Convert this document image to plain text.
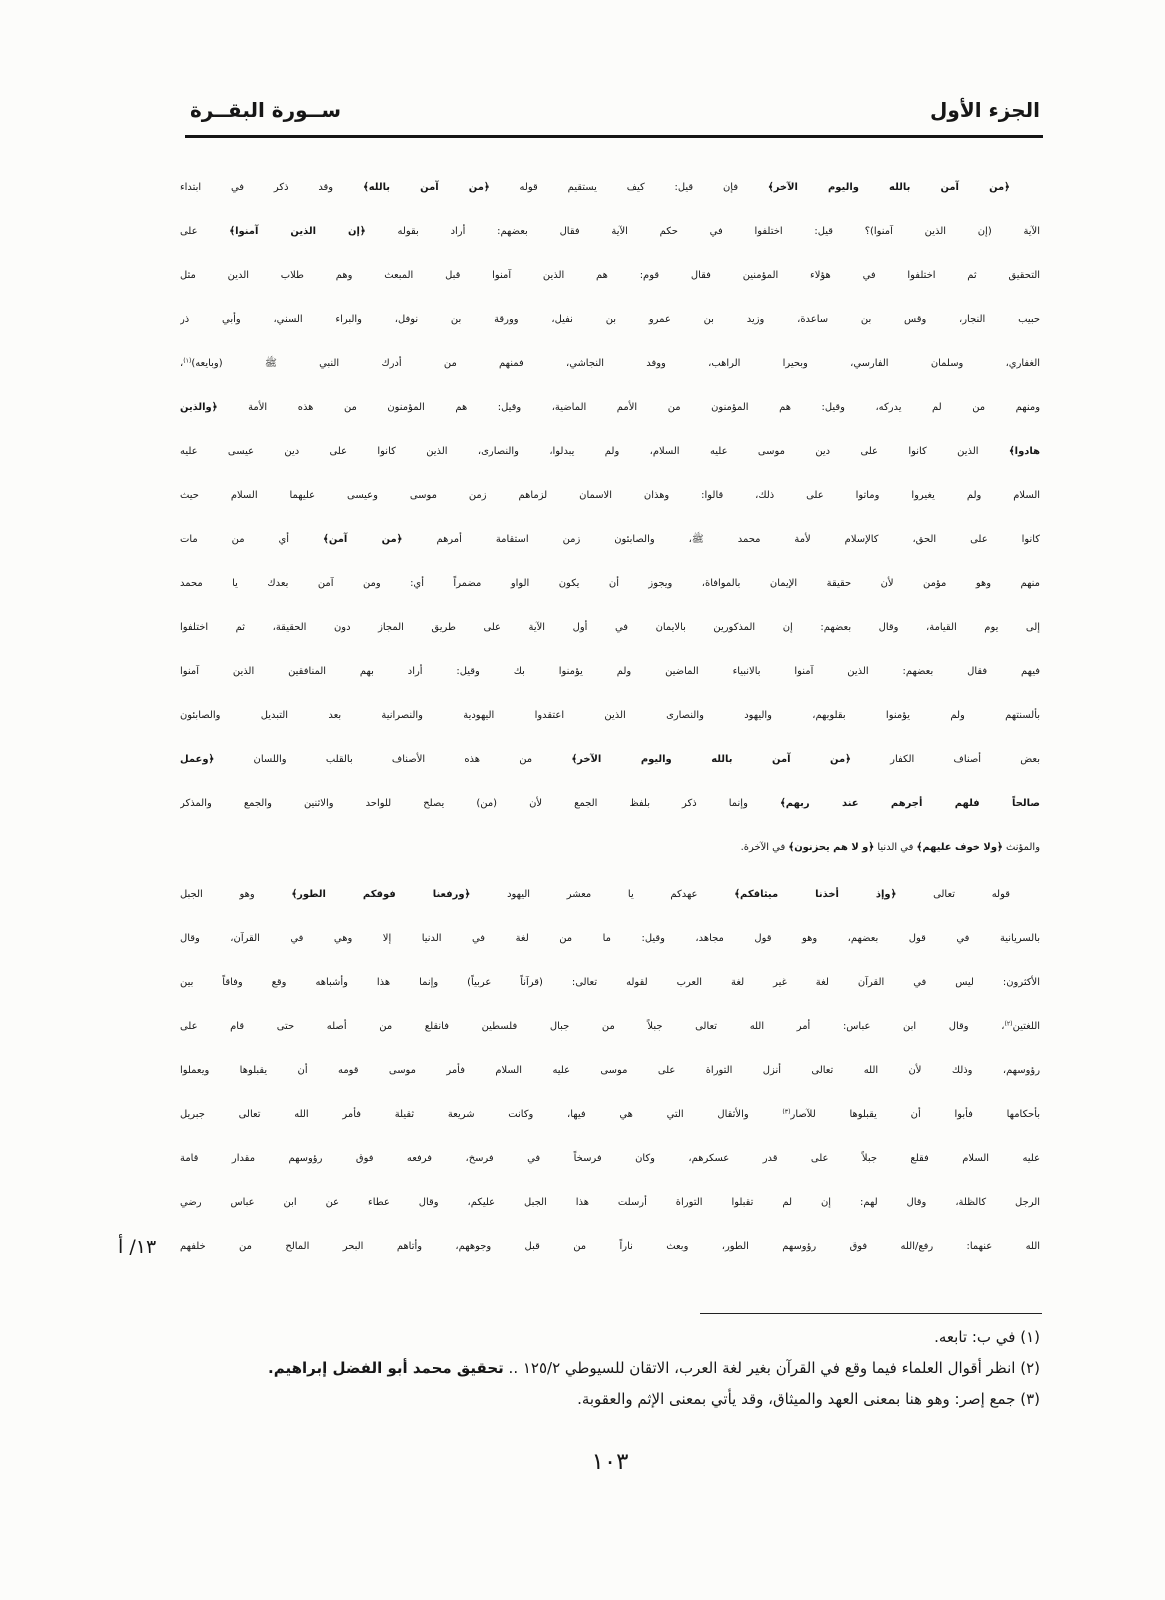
الجزء الأول
ســورة البقــرة
﴿من آمن بالله واليوم الآخر﴾ فإن قيل: كيف يستقيم قوله ﴿من آمن بالله﴾ وقد ذكر في ابتداء
الآية (إن الذين آمنوا)؟ قيل: اختلفوا في حكم الآية فقال بعضهم: أراد بقوله ﴿إن الذين آمنوا﴾ على
التحقيق ثم اختلفوا في هؤلاء المؤمنين فقال قوم: هم الذين آمنوا قبل المبعث وهم طلاب الدين مثل
حبيب النجار، وقس بن ساعدة، وزيد بن عمرو بن نفيل، وورقة بن نوفل، والبراء السني، وأبي ذر
الغفاري، وسلمان الفارسي، وبحيرا الراهب، ووفد النجاشي، فمنهم من أدرك النبي ﷺ (وبايعه)$^{(١)}$،
ومنهم من لم يدركه، وقيل: هم المؤمنون من الأمم الماضية، وقيل: هم المؤمنون من هذه الأمة ﴿والذين
هادوا﴾ الذين كانوا على دين موسى عليه السلام، ولم يبدلوا، والنصارى، الذين كانوا على دين عيسى عليه
السلام ولم يغيروا وماتوا على ذلك، قالوا: وهذان الاسمان لزماهم زمن موسى وعيسى عليهما السلام حيث
كانوا على الحق، كالإسلام لأمة محمد ﷺ، والصابئون زمن استقامة أمرهم ﴿من آمن﴾ أي من مات
منهم وهو مؤمن لأن حقيقة الإيمان بالموافاة، ويجوز أن يكون الواو مضمراً أي: ومن آمن بعدك يا محمد
إلى يوم القيامة، وقال بعضهم: إن المذكورين بالايمان في أول الآية على طريق المجاز دون الحقيقة، ثم اختلفوا
فيهم فقال بعضهم: الذين آمنوا بالانبياء الماضين ولم يؤمنوا بك وقيل: أراد بهم المنافقين الذين آمنوا
بألسنتهم ولم يؤمنوا بقلوبهم، واليهود والنصارى الذين اعتقدوا اليهودية والنصرانية بعد التبديل والصابئون
بعض أصناف الكفار ﴿من آمن بالله واليوم الآخر﴾ من هذه الأصناف بالقلب واللسان ﴿وعمل
صالحاً فلهم أجرهم عند ربهم﴾ وإنما ذكر بلفظ الجمع لأن (من) يصلح للواحد والاثنين والجمع والمذكر
والمؤنث ﴿ولا خوف عليهم﴾ في الدنيا ﴿و لا هم يحزنون﴾ في الآخرة.
قوله تعالى ﴿وإذ أخذنا ميثاقكم﴾ عهدكم يا معشر اليهود ﴿ورفعنا فوقكم الطور﴾ وهو الجبل
بالسريانية في قول بعضهم، وهو قول مجاهد، وقيل: ما من لغة في الدنيا إلا وهي في القرآن، وقال
الأكثرون: ليس في القرآن لغة غير لغة العرب لقوله تعالى: (قرآناً عربياً) وإنما هذا وأشباهه وقع وفاقاً بين
اللغتين$^{(٢)}$، وقال ابن عباس: أمر الله تعالى جبلاً من جبال فلسطين فانقلع من أصله حتى قام على
رؤوسهم، وذلك لأن الله تعالى أنزل التوراة على موسى عليه السلام فأمر موسى قومه أن يقبلوها ويعملوا
بأحكامها فأبوا أن يقبلوها للآصار$^{(٣)}$ والأثقال التي هي فيها، وكانت شريعة ثقيلة فأمر الله تعالى جبريل
عليه السلام فقلع جبلاً على قدر عسكرهم، وكان فرسخاً في فرسخ، فرفعه فوق رؤوسهم مقدار قامة
الرجل كالظلة، وقال لهم: إن لم تقبلوا التوراة أرسلت هذا الجبل عليكم، وقال عطاء عن ابن عباس رضي
الله عنهما: رفع/الله فوق رؤوسهم الطور، وبعث ناراً من قبل وجوههم، وأتاهم البحر المالح من خلفهم
١٣/ أ
(١) في ب: تابعه.
(٢) انظر أقوال العلماء فيما وقع في القرآن بغير لغة العرب، الاتقان للسيوطي ١٢٥/٢ .. تحقيق محمد أبو الفضل إبراهيم.
(٣) جمع إصر: وهو هنا بمعنى العهد والميثاق، وقد يأتي بمعنى الإثم والعقوبة.
١٠٣
